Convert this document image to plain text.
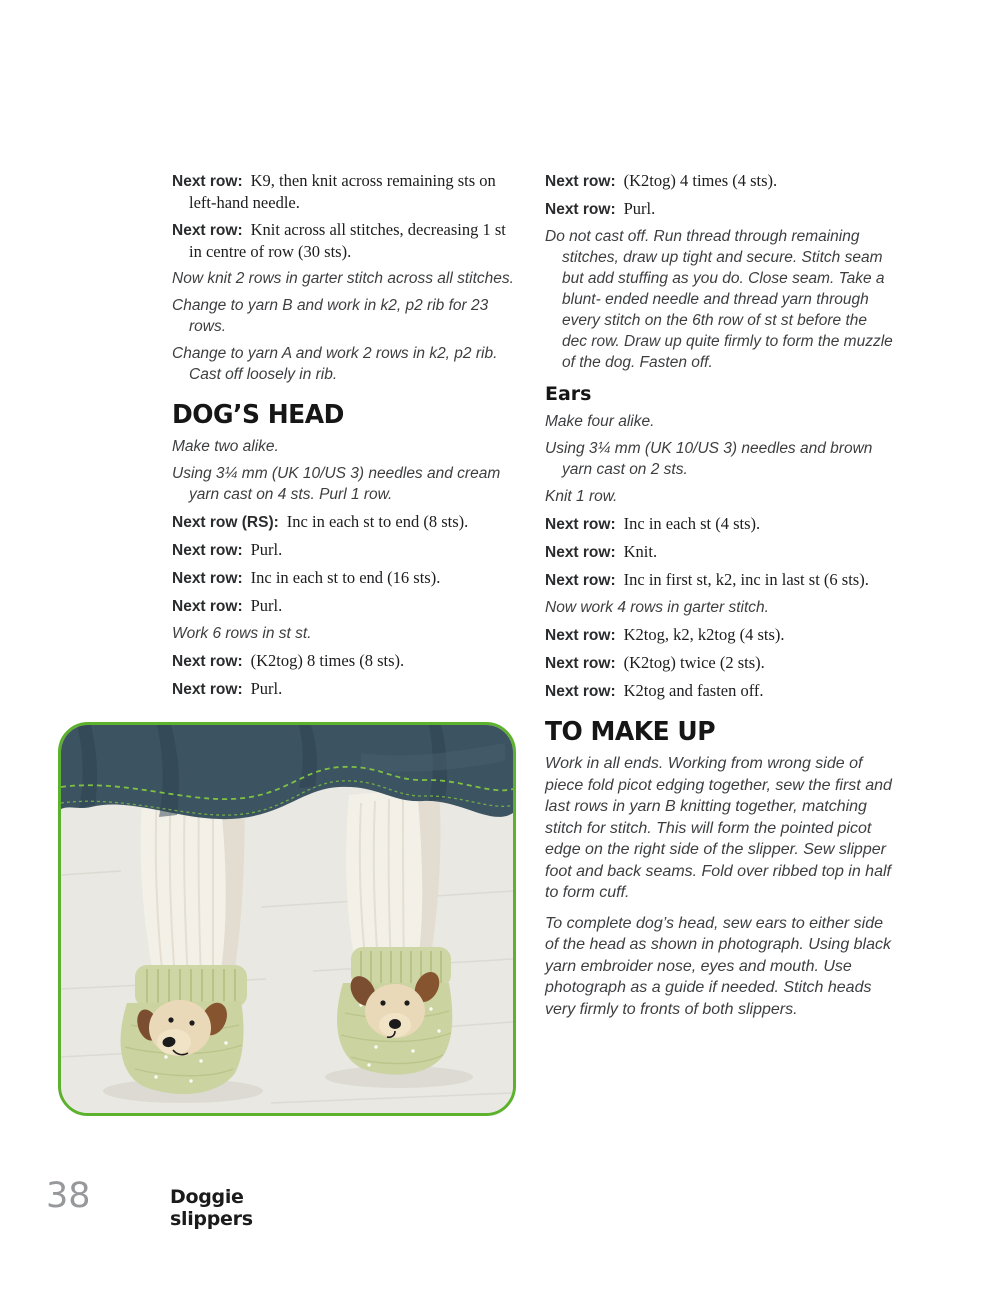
Next row: K9, then knit across remaining sts on left-hand needle.

Next row: Knit across all stitches, decreasing 1 st in centre of row (30 sts).

Now knit 2 rows in garter stitch across all stitches.

Change to yarn B and work in k2, p2 rib for 23 rows.

Change to yarn A and work 2 rows in k2, p2 rib. Cast off loosely in rib.

DOG’S HEAD

Make two alike.

Using 3¼ mm (UK 10/US 3) needles and cream yarn cast on 4 sts. Purl 1 row.

Next row (RS): Inc in each st to end (8 sts).

Next row: Purl.

Next row: Inc in each st to end (16 sts).

Next row: Purl.

Work 6 rows in st st.

Next row: (K2tog) 8 times (8 sts).

Next row: Purl.

Next row: (K2tog) 4 times (4 sts).

Next row: Purl.

Do not cast off. Run thread through remaining stitches, draw up tight and secure. Stitch seam but add stuffing as you do. Close seam. Take a blunt- ended needle and thread yarn through every stitch on the 6th row of st st before the dec row. Draw up quite firmly to form the muzzle of the dog. Fasten off.

Ears

Make four alike.

Using 3¼ mm (UK 10/US 3) needles and brown yarn cast on 2 sts.

Knit 1 row.

Next row: Inc in each st (4 sts).

Next row: Knit.

Next row: Inc in first st, k2, inc in last st (6 sts).

Now work 4 rows in garter stitch.

Next row: K2tog, k2, k2tog (4 sts).

Next row: (K2tog) twice (2 sts).

Next row: K2tog and fasten off.

TO MAKE UP

Work in all ends. Working from wrong side of piece fold picot edging together, sew the first and last rows in yarn B knitting together, matching stitch for stitch. This will form the pointed picot edge on the right side of the slipper. Sew slipper foot and back seams. Fold over ribbed top in half to form cuff.

To complete dog’s head, sew ears to either side of the head as shown in photograph. Using black yarn embroider nose, eyes and mouth. Use photograph as a guide if needed. Stitch heads very firmly to fronts of both slippers.

38	Doggie slippers
